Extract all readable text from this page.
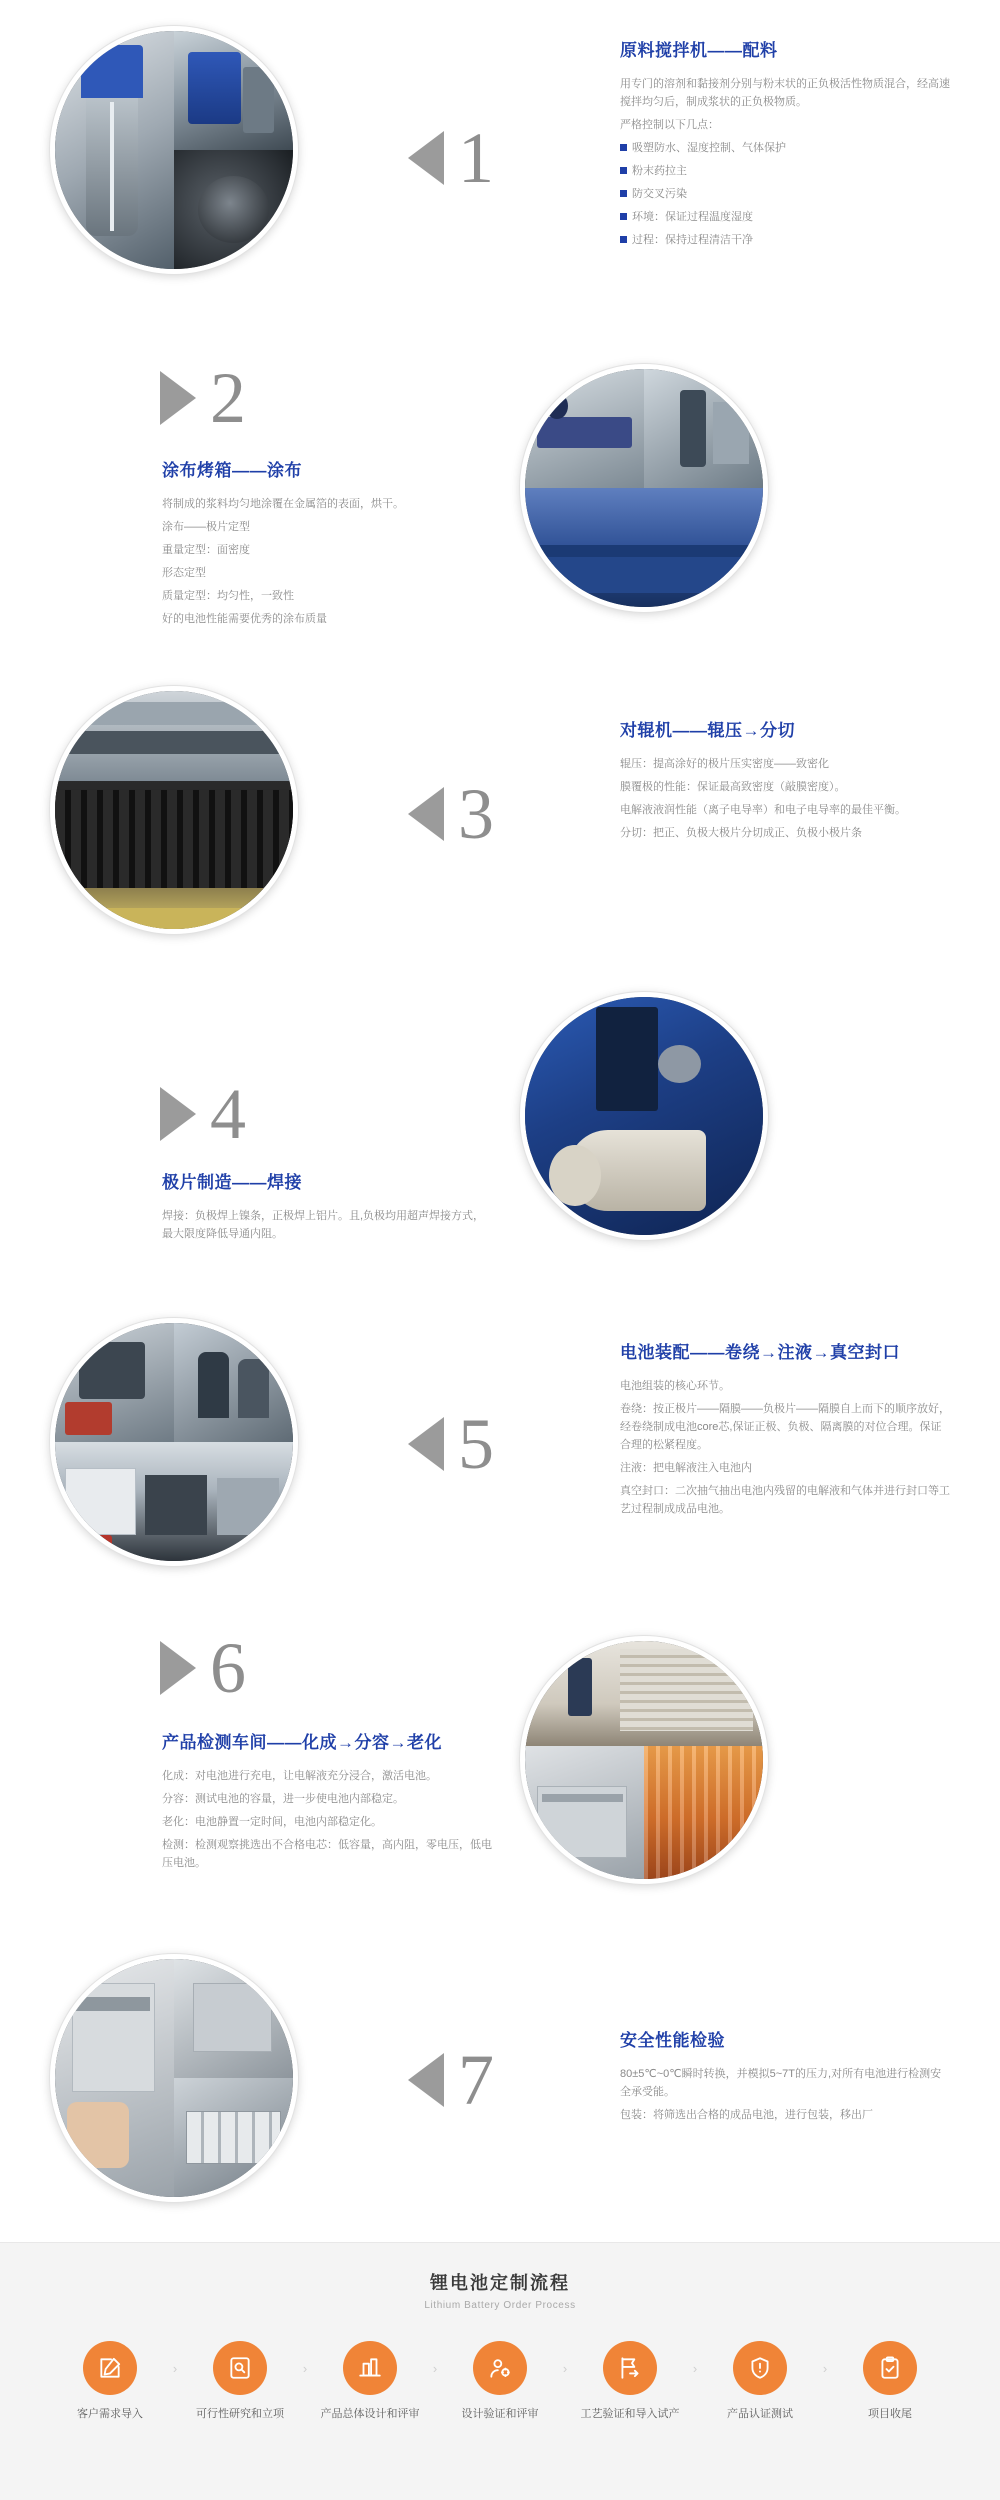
1
原料搅拌机——配料

用专门的溶剂和黏接剂分别与粉末状的正负极活性物质混合，经高速搅拌均匀后，制成浆状的正负极物质。

严格控制以下几点：

吸塑防水、湿度控制、气体保护

粉末药拉主

防交叉污染

环境：保证过程温度湿度

过程：保持过程清洁干净

2
涂布烤箱——涂布

将制成的浆料均匀地涂覆在金属箔的表面，烘干。

涂布——极片定型

重量定型：面密度

形态定型

质量定型：均匀性，一致性

好的电池性能需要优秀的涂布质量

3
对辊机——辊压→分切

辊压：提高涂好的极片压实密度——致密化

膜覆极的性能：保证最高致密度（敲膜密度）。

电解液液润性能（离子电导率）和电子电导率的最佳平衡。

分切：把正、负极大极片分切成正、负极小极片条

4
极片制造——焊接

焊接：负极焊上镍条，正极焊上铝片。且,负极均用超声焊接方式，最大限度降低导通内阻。

5
电池装配——卷绕→注液→真空封口

电池组装的核心环节。

卷绕：按正极片——隔膜——负极片——隔膜自上而下的顺序放好，经卷绕制成电池core芯,保证正极、负极、隔离膜的对位合理。保证合理的松紧程度。

注液：把电解液注入电池内

真空封口：二次抽气抽出电池内残留的电解液和气体并进行封口等工艺过程制成成品电池。

6
产品检测车间——化成→分容→老化

化成：对电池进行充电，让电解液充分浸合，激活电池。

分容：测试电池的容量，进一步使电池内部稳定。

老化：电池静置一定时间，电池内部稳定化。

检测：检测观察挑选出不合格电芯：低容量，高内阻，零电压，低电压电池。

7	安全性能检验

80±5℃~0℃瞬时转换，并模拟5~7T的压力,对所有电池进行检测安全承受能。

包装：将筛选出合格的成品电池，进行包装，移出厂

锂电池定制流程
Lithium Battery Order Process
客户需求导入
›
可行性研究和立项
›
产品总体设计和评审
›
设计验证和评审
›
工艺验证和导入试产
›
产品认证测试
›
项目收尾
